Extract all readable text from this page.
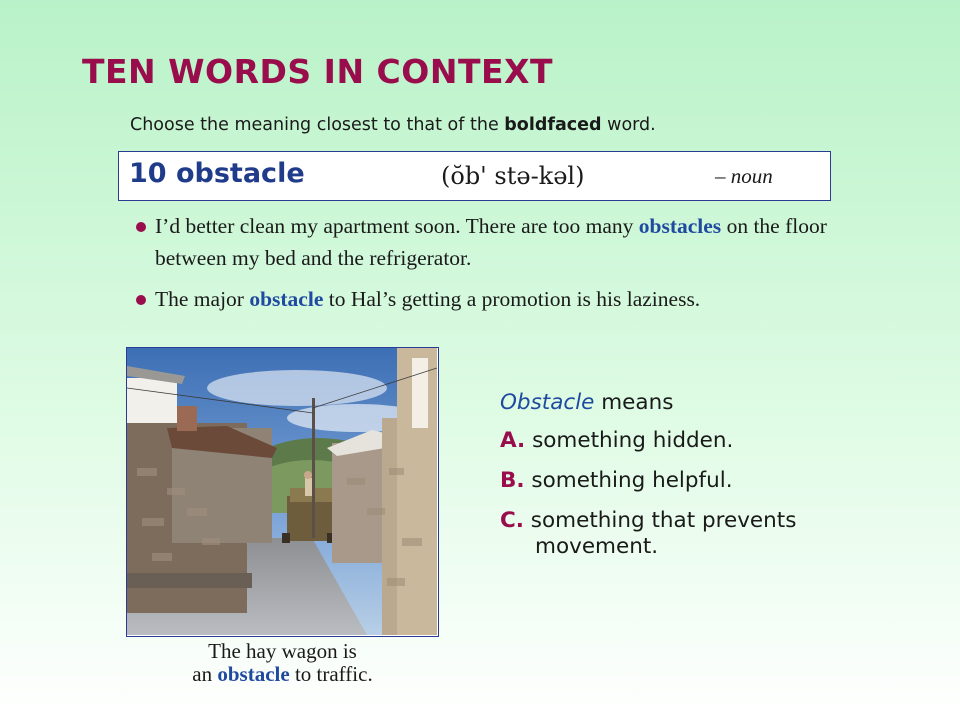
TEN WORDS IN CONTEXT
Choose the meaning closest to that of the boldfaced word.
10 obstacle	(ŏb' stə-kəl)	– noun
I’d better clean my apartment soon. There are too many obstacles on the floor between my bed and the refrigerator.
The major obstacle to Hal’s getting a promotion is his laziness.
The hay wagon is
an obstacle to traffic.
Obstacle means
A. something hidden.
B. something helpful.
C. something that prevents
movement.
